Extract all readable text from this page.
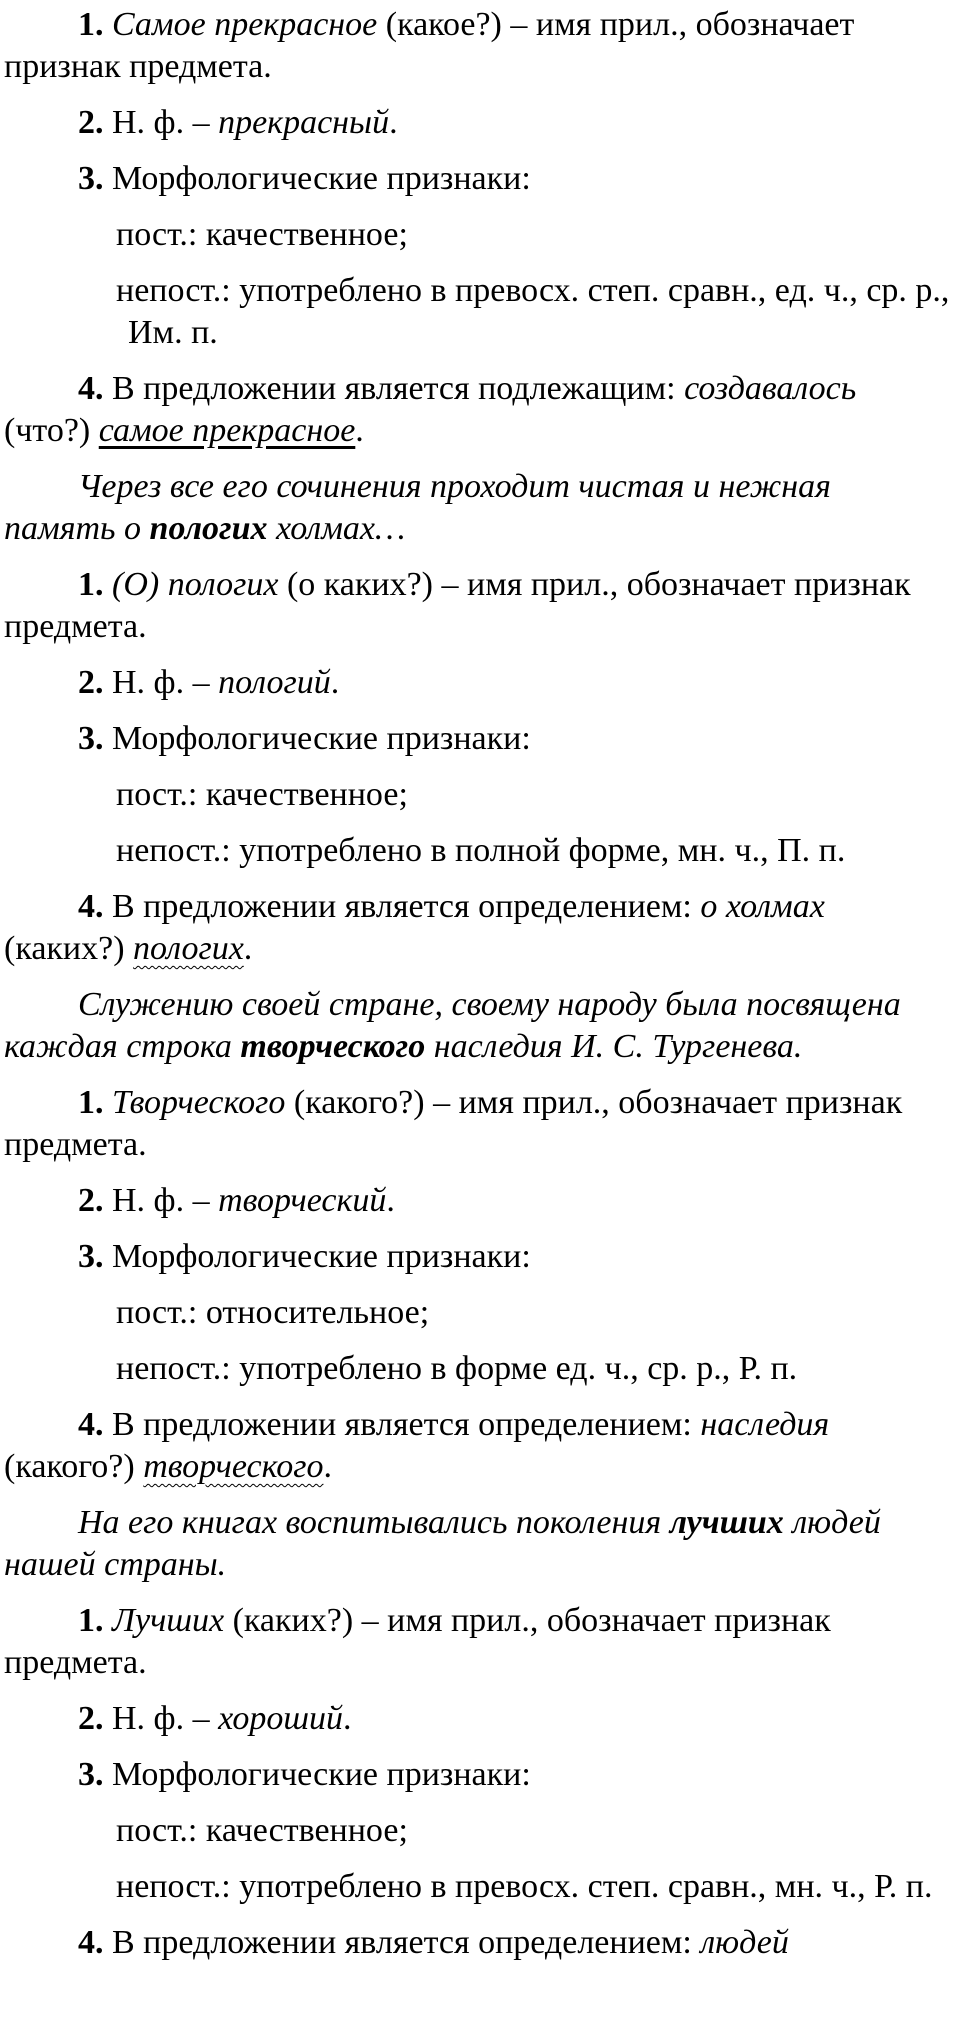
1. Самое прекрасное (какое?) – имя прил., обозначает признак предмета.

2. Н. ф. – прекрасный.

3. Морфологические признаки:

пост.: качественное;

непост.: употреблено в превосх. степ. сравн., ед. ч., ср. р., Им. п.

4. В предложении является подлежащим: создавалось (что?) самое прекрасное.

Через все его сочинения проходит чистая и нежная память о пологих холмах…

1. (О) пологих (о каких?) – имя прил., обозначает признак предмета.

2. Н. ф. – пологий.

3. Морфологические признаки:

пост.: качественное;

непост.: употреблено в полной форме, мн. ч., П. п.

4. В предложении является определением: о холмах (каких?) пологих.

Служению своей стране, своему народу была посвящена каждая строка творческого наследия И. С. Тургенева.

1. Творческого (какого?) – имя прил., обозначает признак предмета.

2. Н. ф. – творческий.

3. Морфологические признаки:

пост.: относительное;

непост.: употреблено в форме ед. ч., ср. р., Р. п.

4. В предложении является определением: наследия (какого?) творческого.

На его книгах воспитывались поколения лучших людей нашей страны.

1. Лучших (каких?) – имя прил., обозначает признак предмета.

2. Н. ф. – хороший.

3. Морфологические признаки:

пост.: качественное;

непост.: употреблено в превосх. степ. сравн., мн. ч., Р. п.

4. В предложении является определением: людей
